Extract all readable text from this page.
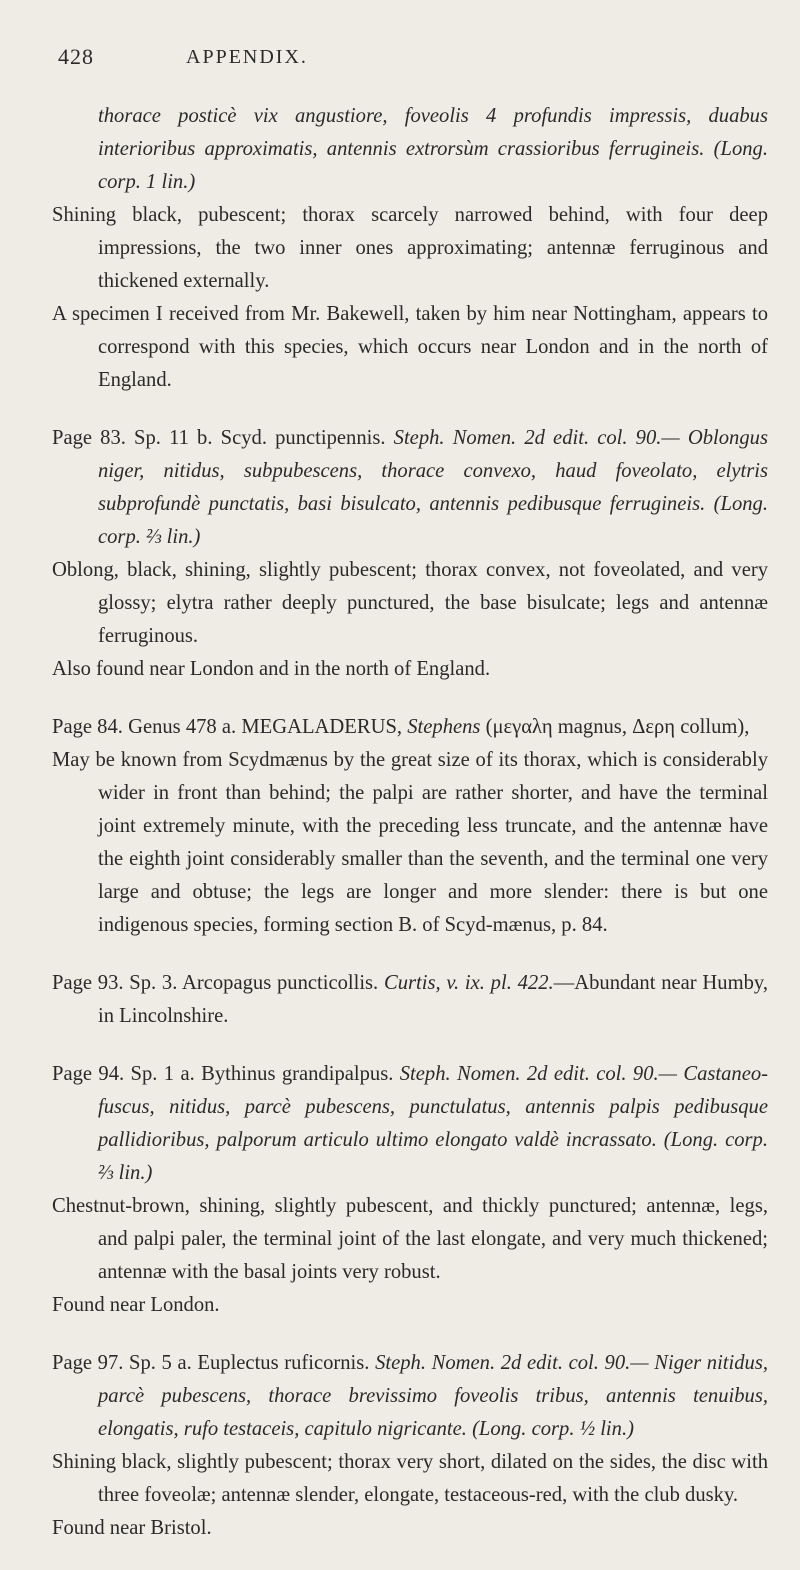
428	APPENDIX.

thorace posticè vix angustiore, foveolis 4 profundis impressis, duabus interioribus approximatis, antennis extrorsùm crassioribus ferrugineis. (Long. corp. 1 lin.)

Shining black, pubescent; thorax scarcely narrowed behind, with four deep impressions, the two inner ones approximating; antennæ ferruginous and thickened externally.

A specimen I received from Mr. Bakewell, taken by him near Nottingham, appears to correspond with this species, which occurs near London and in the north of England.

Page 83. Sp. 11 b. Scyd. punctipennis. Steph. Nomen. 2d edit. col. 90.— Oblongus niger, nitidus, subpubescens, thorace convexo, haud foveolato, elytris subprofundè punctatis, basi bisulcato, antennis pedibusque ferrugineis. (Long. corp. ⅔ lin.)

Oblong, black, shining, slightly pubescent; thorax convex, not foveolated, and very glossy; elytra rather deeply punctured, the base bisulcate; legs and antennæ ferruginous.

Also found near London and in the north of England.

Page 84. Genus 478 a. MEGALADERUS, Stephens (μεγαλη magnus, Δερη collum),

May be known from Scydmænus by the great size of its thorax, which is considerably wider in front than behind; the palpi are rather shorter, and have the terminal joint extremely minute, with the preceding less truncate, and the antennæ have the eighth joint considerably smaller than the seventh, and the terminal one very large and obtuse; the legs are longer and more slender: there is but one indigenous species, forming section B. of Scyd-mænus, p. 84.

Page 93. Sp. 3. Arcopagus puncticollis. Curtis, v. ix. pl. 422.—Abundant near Humby, in Lincolnshire.

Page 94. Sp. 1 a. Bythinus grandipalpus. Steph. Nomen. 2d edit. col. 90.— Castaneo-fuscus, nitidus, parcè pubescens, punctulatus, antennis palpis pedibusque pallidioribus, palporum articulo ultimo elongato valdè incrassato. (Long. corp. ⅔ lin.)

Chestnut-brown, shining, slightly pubescent, and thickly punctured; antennæ, legs, and palpi paler, the terminal joint of the last elongate, and very much thickened; antennæ with the basal joints very robust.

Found near London.

Page 97. Sp. 5 a. Euplectus ruficornis. Steph. Nomen. 2d edit. col. 90.— Niger nitidus, parcè pubescens, thorace brevissimo foveolis tribus, antennis tenuibus, elongatis, rufo testaceis, capitulo nigricante. (Long. corp. ½ lin.)

Shining black, slightly pubescent; thorax very short, dilated on the sides, the disc with three foveolæ; antennæ slender, elongate, testaceous-red, with the club dusky.

Found near Bristol.
